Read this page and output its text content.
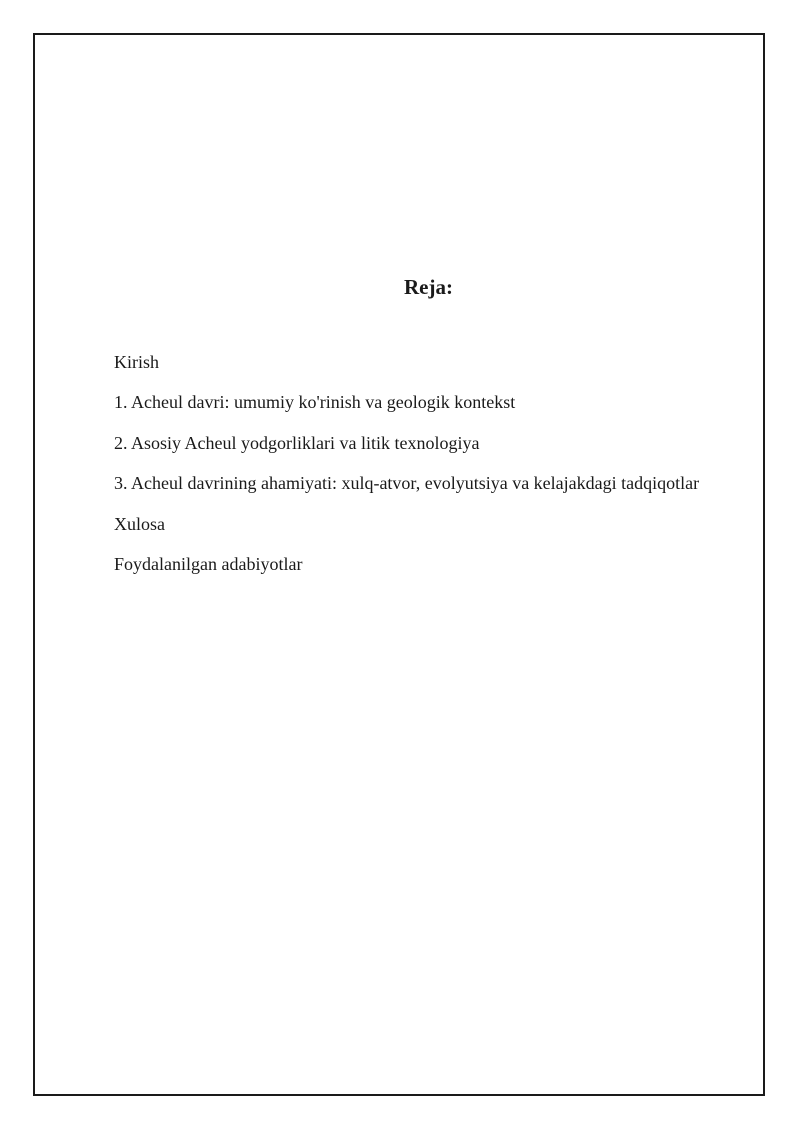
Reja:
Kirish
1. Acheul davri: umumiy ko'rinish va geologik kontekst
2. Asosiy Acheul yodgorliklari va litik texnologiya
3. Acheul davrining ahamiyati: xulq-atvor, evolyutsiya va kelajakdagi tadqiqotlar
Xulosa
Foydalanilgan adabiyotlar
